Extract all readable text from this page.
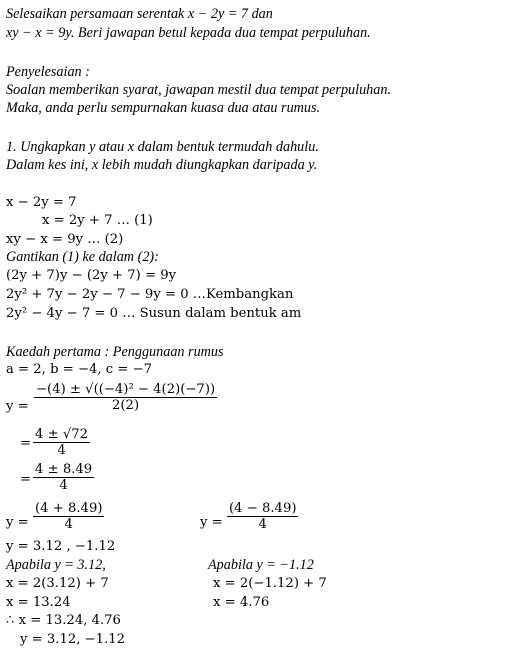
Selesaikan persamaan serentak x − 2y = 7 dan
xy − x = 9y. Beri jawapan betul kepada dua tempat perpuluhan.
Penyelesaian :
Soalan memberikan syarat, jawapan mestil dua tempat perpuluhan.
Maka, anda perlu sempurnakan kuasa dua atau rumus.
1. Ungkapkan y atau x dalam bentuk termudah dahulu.
Dalam kes ini, x lebih mudah diungkapkan daripada y.
x − 2y = 7
x = 2y + 7 … (1)
xy − x = 9y … (2)
Gantikan (1) ke dalam (2):
(2y + 7)y − (2y + 7) = 9y
2y² + 7y − 2y − 7 − 9y = 0 …Kembangkan
2y² − 4y − 7 = 0 … Susun dalam bentuk am
Kaedah pertama : Penggunaan rumus
a = 2, b = −4, c = −7
$y = \frac{\text{−(4) ± √((−4)² − 4(2)(−7))}}{2(2)}$
= $\frac{4 \pm √72}{4}$
= $\frac{4 \pm 8.49}{4}$
$y = \frac{(4 + 8.49)}{4}$	$y = \frac{(4 - 8.49)}{4}$
y = 3.12 , −1.12
Apabila y = 3.12,
x = 2(3.12) + 7
x = 13.24
Apabila y = −1.12
x = 2(−1.12) + 7
x = 4.76
∴ x = 13.24, 4.76
y = 3.12, −1.12
